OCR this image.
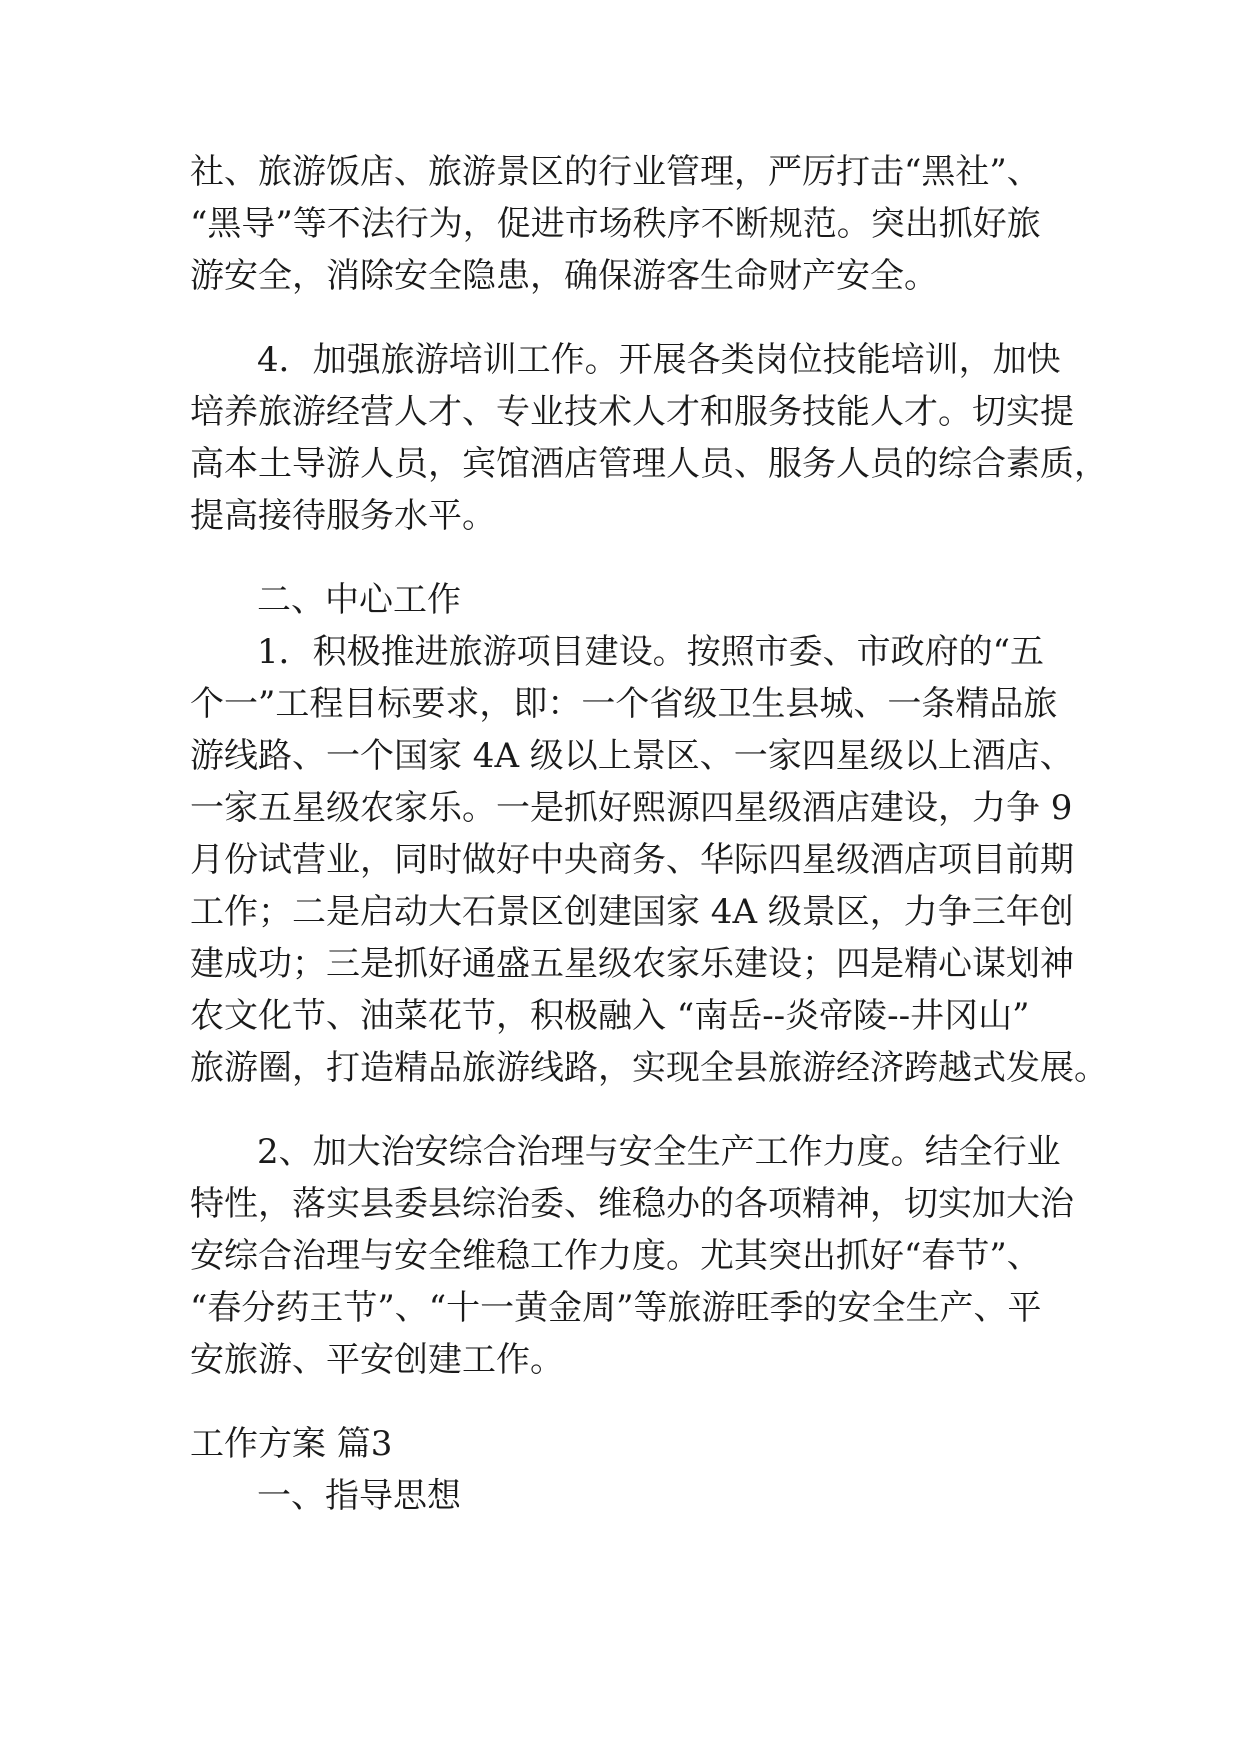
社、旅游饭店、旅游景区的行业管理，严厉打击“黑社”、
“黑导”等不法行为，促进市场秩序不断规范。突出抓好旅
游安全，消除安全隐患，确保游客生命财产安全。
4．加强旅游培训工作。开展各类岗位技能培训，加快
培养旅游经营人才、专业技术人才和服务技能人才。切实提
高本土导游人员，宾馆酒店管理人员、服务人员的综合素质，
提高接待服务水平。
二、中心工作
1．积极推进旅游项目建设。按照市委、市政府的“五
个一”工程目标要求，即：一个省级卫生县城、一条精品旅
游线路、一个国家 4A 级以上景区、一家四星级以上酒店、
一家五星级农家乐。一是抓好熙源四星级酒店建设，力争 9
月份试营业，同时做好中央商务、华际四星级酒店项目前期
工作；二是启动大石景区创建国家 4A 级景区，力争三年创
建成功；三是抓好通盛五星级农家乐建设；四是精心谋划神
农文化节、油菜花节，积极融入 “南岳--炎帝陵--井冈山”
旅游圈，打造精品旅游线路，实现全县旅游经济跨越式发展。
2、加大治安综合治理与安全生产工作力度。结全行业
特性，落实县委县综治委、维稳办的各项精神，切实加大治
安综合治理与安全维稳工作力度。尤其突出抓好“春节”、
“春分药王节”、“十一黄金周”等旅游旺季的安全生产、平
安旅游、平安创建工作。
工作方案 篇3
一、指导思想
